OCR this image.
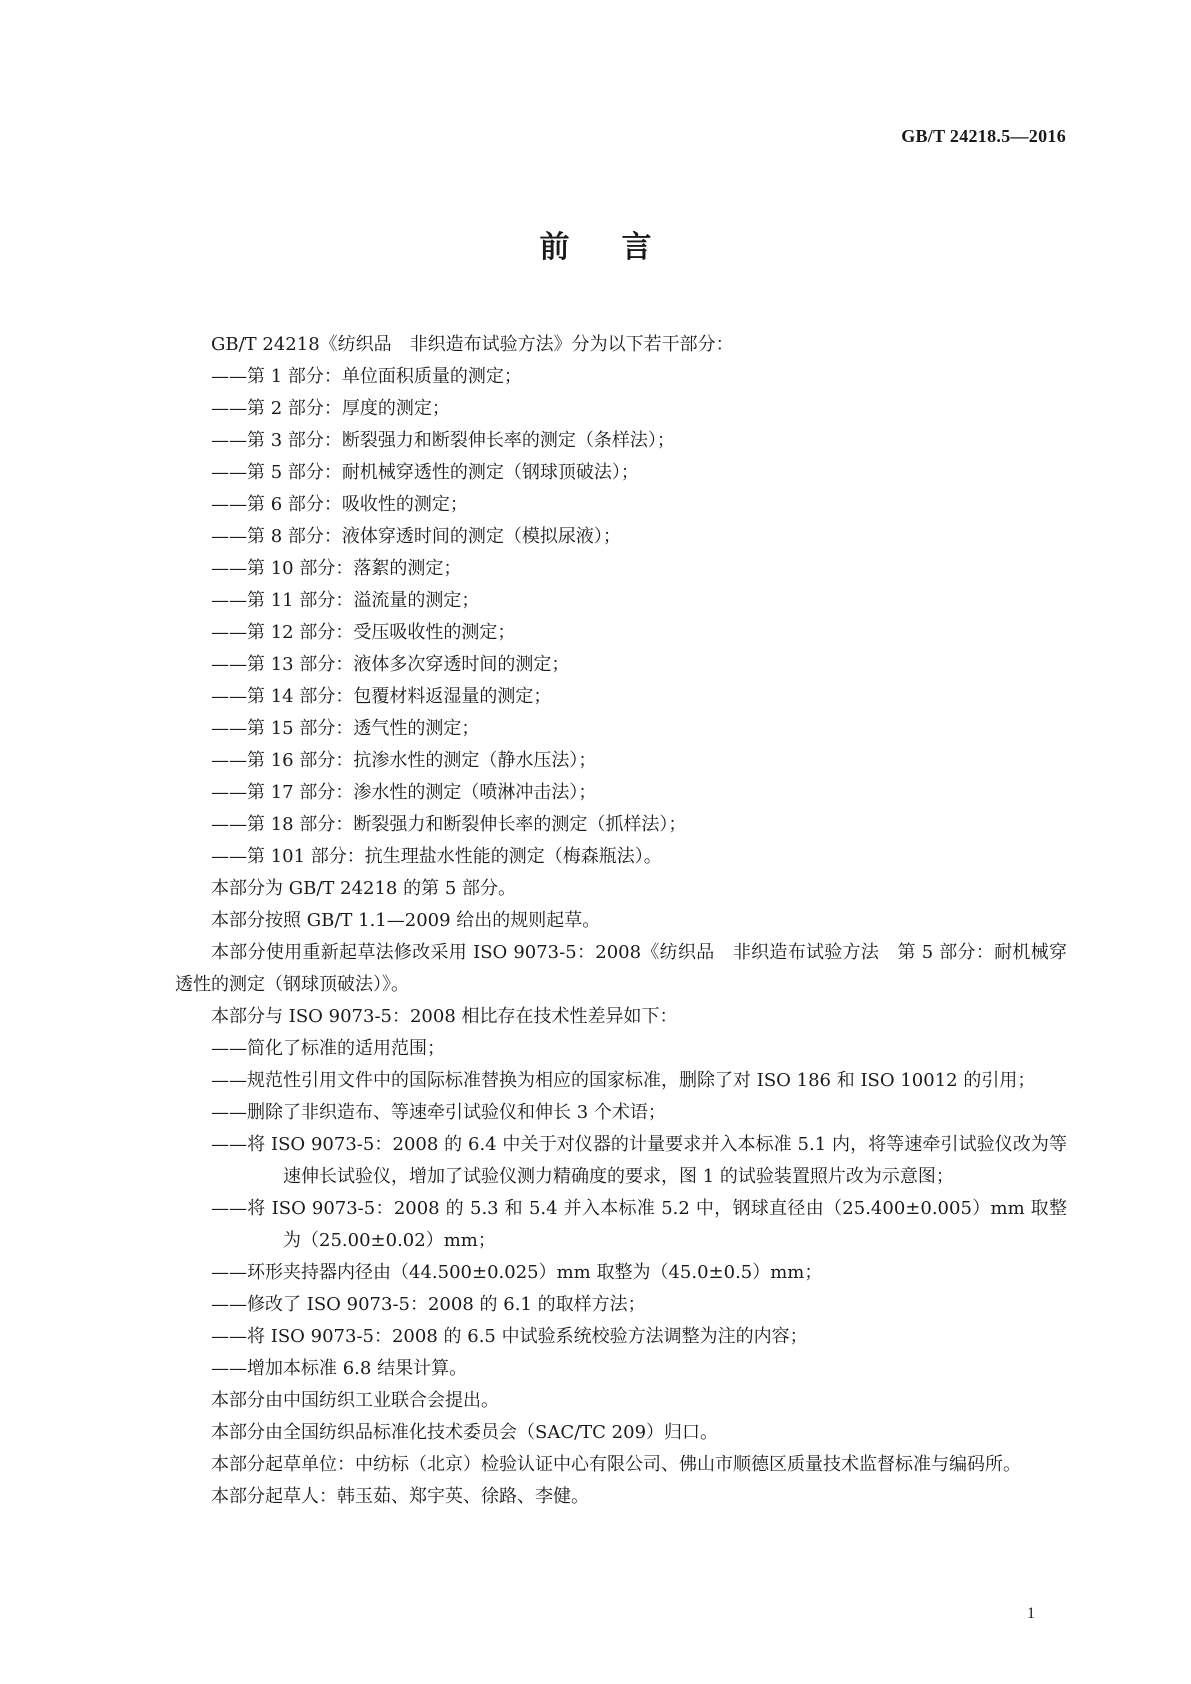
GB/T 24218.5—2016
前言

GB/T 24218《纺织品　非织造布试验方法》分为以下若干部分：

——第 1 部分：单位面积质量的测定；

——第 2 部分：厚度的测定；

——第 3 部分：断裂强力和断裂伸长率的测定（条样法）；

——第 5 部分：耐机械穿透性的测定（钢球顶破法）；

——第 6 部分：吸收性的测定；

——第 8 部分：液体穿透时间的测定（模拟尿液）；

——第 10 部分：落絮的测定；

——第 11 部分：溢流量的测定；

——第 12 部分：受压吸收性的测定；

——第 13 部分：液体多次穿透时间的测定；

——第 14 部分：包覆材料返湿量的测定；

——第 15 部分：透气性的测定；

——第 16 部分：抗渗水性的测定（静水压法）；

——第 17 部分：渗水性的测定（喷淋冲击法）；

——第 18 部分：断裂强力和断裂伸长率的测定（抓样法）；

——第 101 部分：抗生理盐水性能的测定（梅森瓶法）。

本部分为 GB/T 24218 的第 5 部分。

本部分按照 GB/T 1.1—2009 给出的规则起草。

本部分使用重新起草法修改采用 ISO 9073-5：2008《纺织品　非织造布试验方法　第 5 部分：耐机械穿透性的测定（钢球顶破法）》。

本部分与 ISO 9073-5：2008 相比存在技术性差异如下：

——简化了标准的适用范围；

——规范性引用文件中的国际标准替换为相应的国家标准，删除了对 ISO 186 和 ISO 10012 的引用；

——删除了非织造布、等速牵引试验仪和伸长 3 个术语；

——将 ISO 9073-5：2008 的 6.4 中关于对仪器的计量要求并入本标准 5.1 内，将等速牵引试验仪改为等速伸长试验仪，增加了试验仪测力精确度的要求，图 1 的试验装置照片改为示意图；

——将 ISO 9073-5：2008 的 5.3 和 5.4 并入本标准 5.2 中，钢球直径由（25.400±0.005）mm 取整为（25.00±0.02）mm；

——环形夹持器内径由（44.500±0.025）mm 取整为（45.0±0.5）mm；

——修改了 ISO 9073-5：2008 的 6.1 的取样方法；

——将 ISO 9073-5：2008 的 6.5 中试验系统校验方法调整为注的内容；

——增加本标准 6.8 结果计算。

本部分由中国纺织工业联合会提出。

本部分由全国纺织品标准化技术委员会（SAC/TC 209）归口。

本部分起草单位：中纺标（北京）检验认证中心有限公司、佛山市顺德区质量技术监督标准与编码所。

本部分起草人：韩玉茹、郑宇英、徐路、李健。

1
